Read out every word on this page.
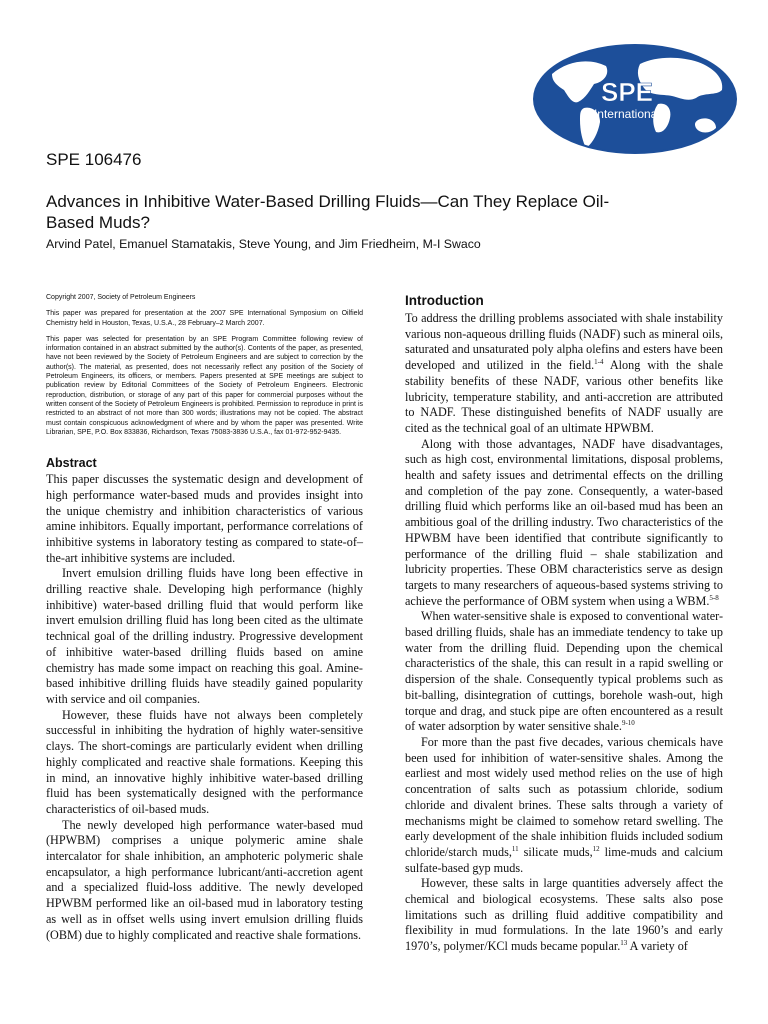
SPE
International
SPE 106476
Advances in Inhibitive Water-Based Drilling Fluids—Can They Replace Oil-Based Muds?
Arvind Patel, Emanuel Stamatakis, Steve Young, and Jim Friedheim, M-I Swaco

Copyright 2007, Society of Petroleum Engineers

This paper was prepared for presentation at the 2007 SPE International Symposium on Oilfield Chemistry held in Houston, Texas, U.S.A., 28 February–2 March 2007.

This paper was selected for presentation by an SPE Program Committee following review of information contained in an abstract submitted by the author(s). Contents of the paper, as presented, have not been reviewed by the Society of Petroleum Engineers and are subject to correction by the author(s). The material, as presented, does not necessarily reflect any position of the Society of Petroleum Engineers, its officers, or members. Papers presented at SPE meetings are subject to publication review by Editorial Committees of the Society of Petroleum Engineers. Electronic reproduction, distribution, or storage of any part of this paper for commercial purposes without the written consent of the Society of Petroleum Engineers is prohibited. Permission to reproduce in print is restricted to an abstract of not more than 300 words; illustrations may not be copied. The abstract must contain conspicuous acknowledgment of where and by whom the paper was presented. Write Librarian, SPE, P.O. Box 833836, Richardson, Texas 75083-3836 U.S.A., fax 01-972-952-9435.

Abstract

This paper discusses the systematic design and development of high performance water-based muds and provides insight into the unique chemistry and inhibition characteristics of various amine inhibitors. Equally important, performance correlations of inhibitive systems in laboratory testing as compared to state-of–the-art inhibitive systems are included.

Invert emulsion drilling fluids have long been effective in drilling reactive shale. Developing high performance (highly inhibitive) water-based drilling fluid that would perform like invert emulsion drilling fluid has long been cited as the ultimate technical goal of the drilling industry. Progressive development of inhibitive water-based drilling fluids based on amine chemistry has made some impact on reaching this goal. Amine-based inhibitive drilling fluids have steadily gained popularity with service and oil companies.

However, these fluids have not always been completely successful in inhibiting the hydration of highly water-sensitive clays. The short-comings are particularly evident when drilling highly complicated and reactive shale formations. Keeping this in mind, an innovative highly inhibitive water-based drilling fluid has been systematically designed with the performance characteristics of oil-based muds.

The newly developed high performance water-based mud (HPWBM) comprises a unique polymeric amine shale intercalator for shale inhibition, an amphoteric polymeric shale encapsulator, a high performance lubricant/anti-accretion agent and a specialized fluid-loss additive. The newly developed HPWBM performed like an oil-based mud in laboratory testing as well as in offset wells using invert emulsion drilling fluids (OBM) due to highly complicated and reactive shale formations.

Introduction

To address the drilling problems associated with shale instability various non-aqueous drilling fluids (NADF) such as mineral oils, saturated and unsaturated poly alpha olefins and esters have been developed and utilized in the field.$^{1-4}$ Along with the shale stability benefits of these NADF, various other benefits like lubricity, temperature stability, and anti-accretion are attributed to NADF. These distinguished benefits of NADF usually are cited as the technical goal of an ultimate HPWBM.

Along with those advantages, NADF have disadvantages, such as high cost, environmental limitations, disposal problems, health and safety issues and detrimental effects on the drilling and completion of the pay zone. Consequently, a water-based drilling fluid which performs like an oil-based mud has been an ambitious goal of the drilling industry. Two characteristics of the HPWBM have been identified that contribute significantly to performance of the drilling fluid – shale stabilization and lubricity properties. These OBM characteristics serve as design targets to many researchers of aqueous-based systems striving to achieve the performance of OBM system when using a WBM.$^{5-8}$

When water-sensitive shale is exposed to conventional water-based drilling fluids, shale has an immediate tendency to take up water from the drilling fluid. Depending upon the chemical characteristics of the shale, this can result in a rapid swelling or dispersion of the shale. Consequently typical problems such as bit-balling, disintegration of cuttings, borehole wash-out, high torque and drag, and stuck pipe are often encountered as a result of water adsorption by water sensitive shale.$^{9-10}$

For more than the past five decades, various chemicals have been used for inhibition of water-sensitive shales. Among the earliest and most widely used method relies on the use of high concentration of salts such as potassium chloride, sodium chloride and divalent brines. These salts through a variety of mechanisms might be claimed to somehow retard swelling. The early development of the shale inhibition fluids included sodium chloride/starch muds,$^{11}$ silicate muds,$^{12}$ lime-muds and calcium sulfate-based gyp muds.

However, these salts in large quantities adversely affect the chemical and biological ecosystems. These salts also pose limitations such as drilling fluid additive compatibility and flexibility in mud formulations. In the late 1960’s and early 1970’s, polymer/KCl muds became popular.$^{13}$ A variety of
